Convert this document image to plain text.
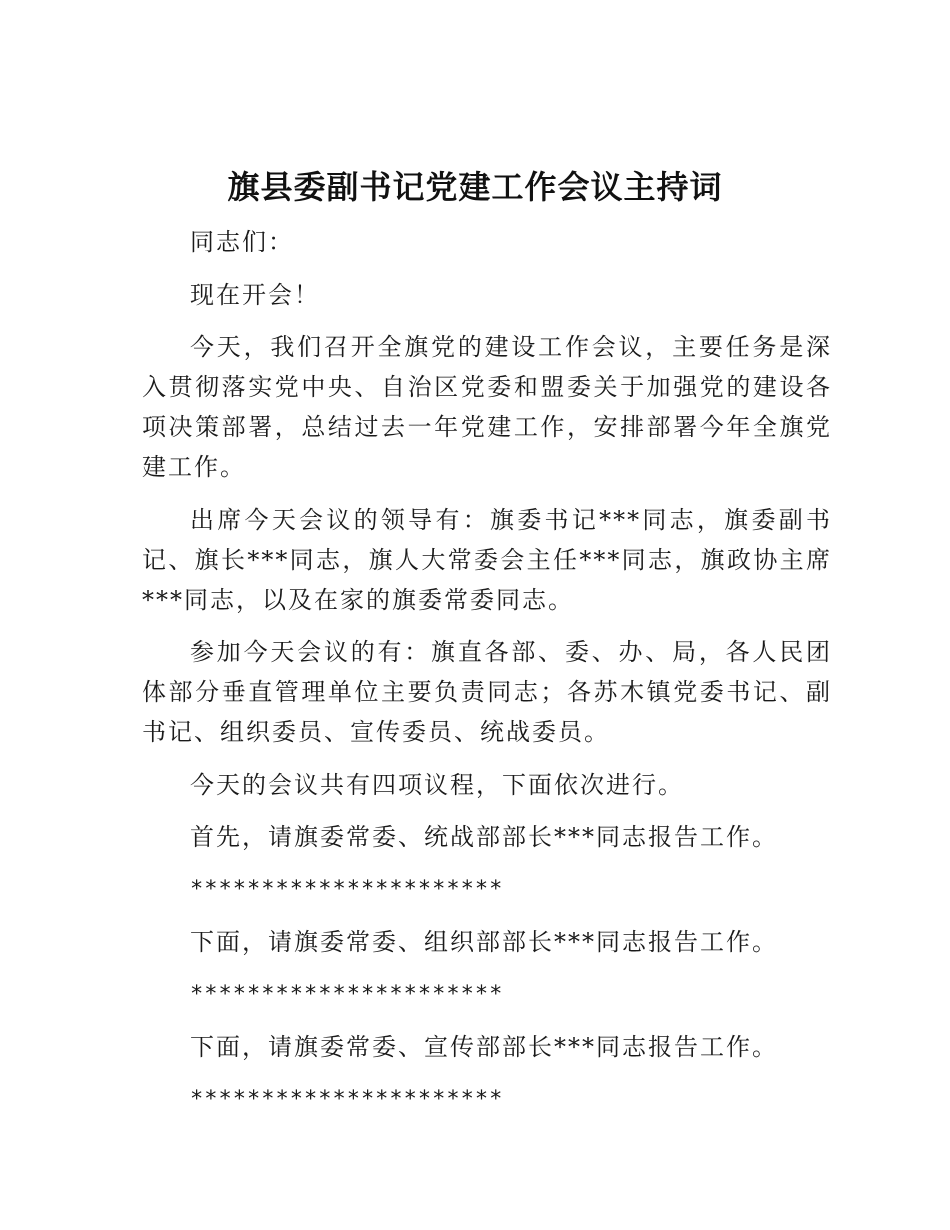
旗县委副书记党建工作会议主持词

同志们：

现在开会！

今天，我们召开全旗党的建设工作会议，主要任务是深入贯彻落实党中央、自治区党委和盟委关于加强党的建设各项决策部署，总结过去一年党建工作，安排部署今年全旗党建工作。

出席今天会议的领导有：旗委书记***同志，旗委副书记、旗长***同志，旗人大常委会主任***同志，旗政协主席***同志，以及在家的旗委常委同志。

参加今天会议的有：旗直各部、委、办、局，各人民团体部分垂直管理单位主要负责同志；各苏木镇党委书记、副书记、组织委员、宣传委员、统战委员。

今天的会议共有四项议程，下面依次进行。

首先，请旗委常委、统战部部长***同志报告工作。

**********************

下面，请旗委常委、组织部部长***同志报告工作。

**********************

下面，请旗委常委、宣传部部长***同志报告工作。

**********************
